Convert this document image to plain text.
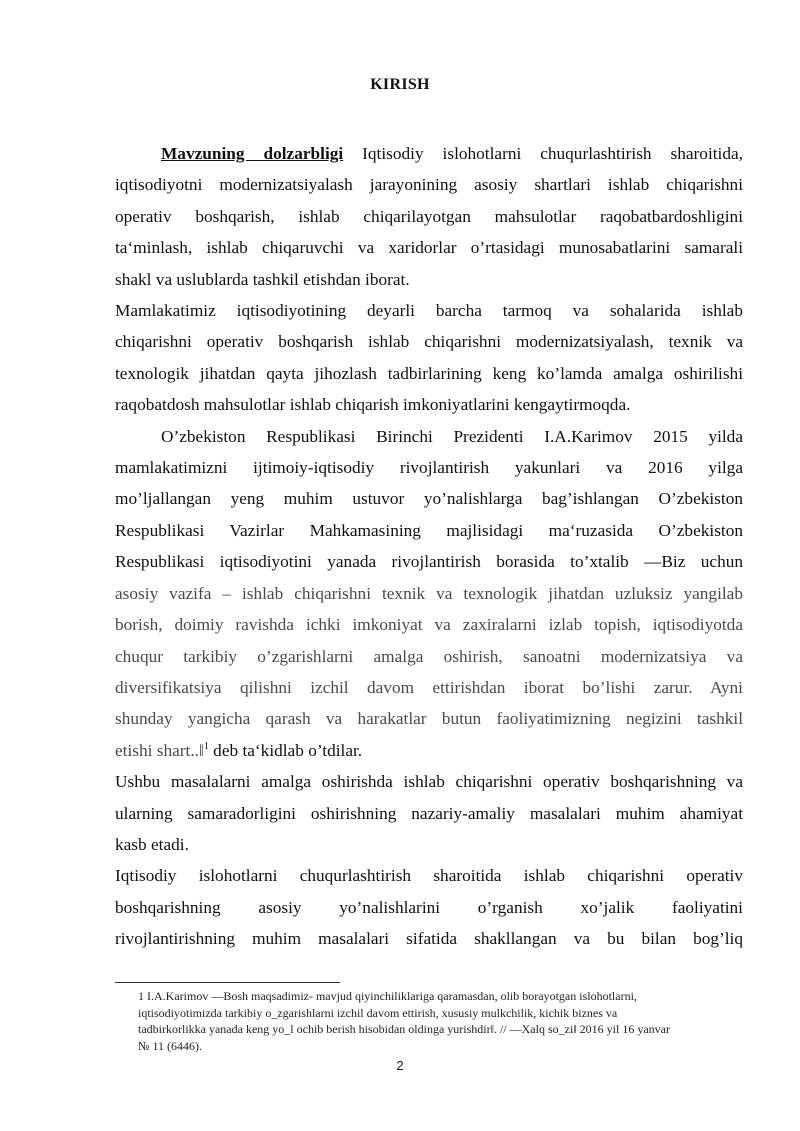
KIRISH

Mavzuning dolzarbligi Iqtisodiy islohotlarni chuqurlashtirish sharoitida,

iqtisodiyotni modernizatsiyalash jarayonining asosiy shartlari ishlab chiqarishni

operativ boshqarish, ishlab chiqarilayotgan mahsulotlar raqobatbardoshligini

ta‘minlash, ishlab chiqaruvchi va xaridorlar o’rtasidagi munosabatlarini samarali

shakl va uslublarda tashkil etishdan iborat.

Mamlakatimiz iqtisodiyotining deyarli barcha tarmoq va sohalarida ishlab

chiqarishni operativ boshqarish ishlab chiqarishni modernizatsiyalash, texnik va

texnologik jihatdan qayta jihozlash tadbirlarining keng ko’lamda amalga oshirilishi

raqobatdosh mahsulotlar ishlab chiqarish imkoniyatlarini kengaytirmoqda.

O’zbekiston Respublikasi Birinchi Prezidenti I.A.Karimov 2015 yilda

mamlakatimizni ijtimoiy-iqtisodiy rivojlantirish yakunlari va 2016 yilga

mo’ljallangan yeng muhim ustuvor yo’nalishlarga bag’ishlangan O’zbekiston

Respublikasi Vazirlar Mahkamasining majlisidagi ma‘ruzasida O’zbekiston

Respublikasi iqtisodiyotini yanada rivojlantirish borasida to’xtalib ―Biz uchun

asosiy vazifa – ishlab chiqarishni texnik va texnologik jihatdan uzluksiz yangilab

borish, doimiy ravishda ichki imkoniyat va zaxiralarni izlab topish, iqtisodiyotda

chuqur tarkibiy o’zgarishlarni amalga oshirish, sanoatni modernizatsiya va

diversifikatsiya qilishni izchil davom ettirishdan iborat bo’lishi zarur. Ayni

shunday yangicha qarash va harakatlar butun faoliyatimizning negizini tashkil

etishi shart..‖$^1$ deb ta‘kidlab o’tdilar.

Ushbu masalalarni amalga oshirishda ishlab chiqarishni operativ boshqarishning va

ularning samaradorligini oshirishning nazariy-amaliy masalalari muhim ahamiyat

kasb etadi.

Iqtisodiy islohotlarni chuqurlashtirish sharoitida ishlab chiqarishni operativ

boshqarishning asosiy yo’nalishlarini o’rganish xo’jalik faoliyatini

rivojlantirishning muhim masalalari sifatida shakllangan va bu bilan bog’liq

1 I.A.Karimov ―Bosh maqsadimiz- mavjud qiyinchiliklariga qaramasdan, olib borayotgan islohotlarni,
iqtisodiyotimizda tarkibiy o_zgarishlarni izchil davom ettirish, xususiy mulkchilik, kichik biznes va
tadbirkorlikka yanada keng yo_l ochib berish hisobidan oldinga yurishdir‖. // ―Xalq so_zi‖ 2016 yil 16 yanvar
№ 11 (6446).
2
